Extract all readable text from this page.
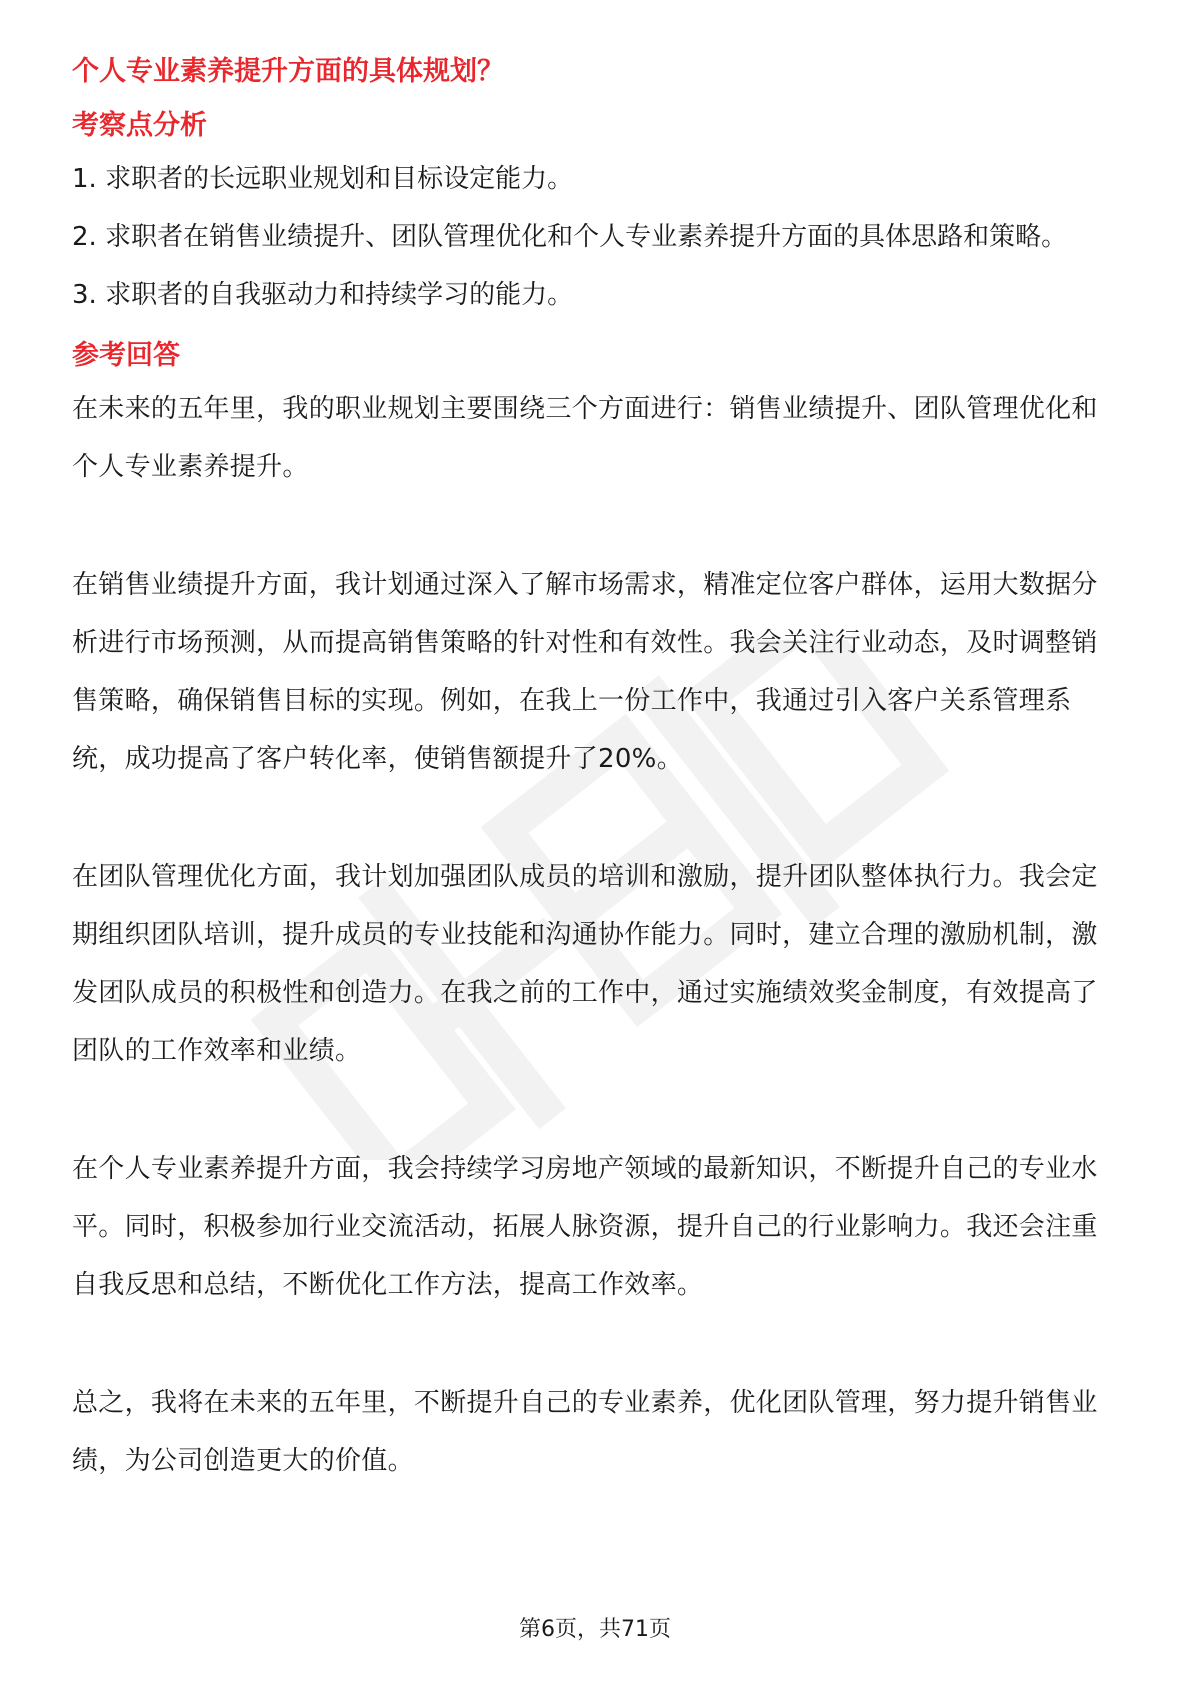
个人专业素养提升方面的具体规划？
考察点分析

1. 求职者的长远职业规划和目标设定能力。

2. 求职者在销售业绩提升、团队管理优化和个人专业素养提升方面的具体思路和策略。

3. 求职者的自我驱动力和持续学习的能力。

参考回答

在未来的五年里，我的职业规划主要围绕三个方面进行：销售业绩提升、团队管理优化和个人专业素养提升。

在销售业绩提升方面，我计划通过深入了解市场需求，精准定位客户群体，运用大数据分析进行市场预测，从而提高销售策略的针对性和有效性。我会关注行业动态，及时调整销售策略，确保销售目标的实现。例如，在我上一份工作中，我通过引入客户关系管理系统，成功提高了客户转化率，使销售额提升了20%。

在团队管理优化方面，我计划加强团队成员的培训和激励，提升团队整体执行力。我会定期组织团队培训，提升成员的专业技能和沟通协作能力。同时，建立合理的激励机制，激发团队成员的积极性和创造力。在我之前的工作中，通过实施绩效奖金制度，有效提高了团队的工作效率和业绩。

在个人专业素养提升方面，我会持续学习房地产领域的最新知识，不断提升自己的专业水平。同时，积极参加行业交流活动，拓展人脉资源，提升自己的行业影响力。我还会注重自我反思和总结，不断优化工作方法，提高工作效率。

总之，我将在未来的五年里，不断提升自己的专业素养，优化团队管理，努力提升销售业绩，为公司创造更大的价值。

第6页，共71页
